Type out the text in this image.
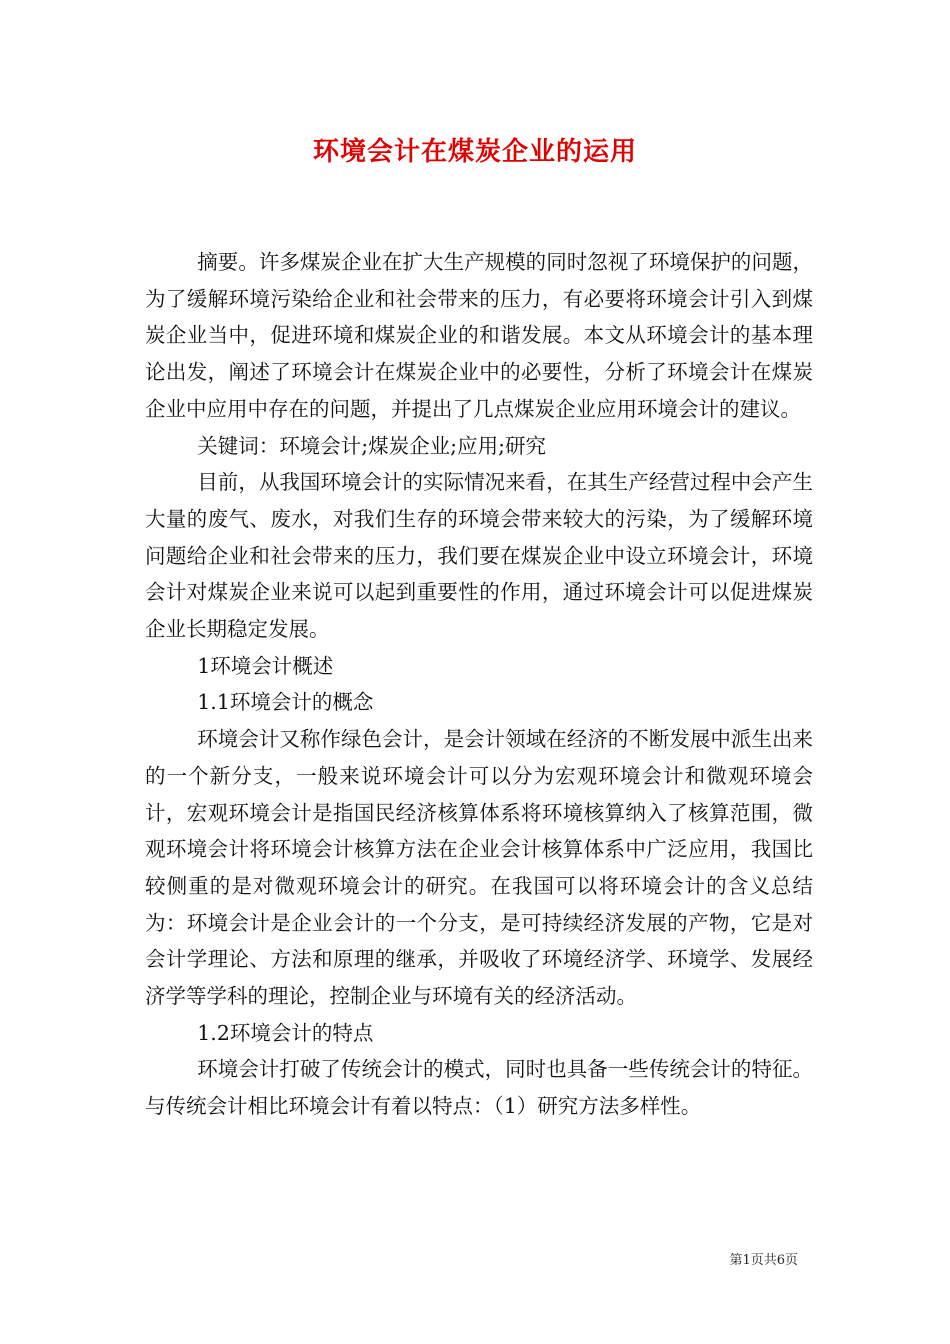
环境会计在煤炭企业的运用

摘要。许多煤炭企业在扩大生产规模的同时忽视了环境保护的问题，为了缓解环境污染给企业和社会带来的压力，有必要将环境会计引入到煤炭企业当中，促进环境和煤炭企业的和谐发展。本文从环境会计的基本理论出发，阐述了环境会计在煤炭企业中的必要性，分析了环境会计在煤炭企业中应用中存在的问题，并提出了几点煤炭企业应用环境会计的建议。

关键词：环境会计;煤炭企业;应用;研究

目前，从我国环境会计的实际情况来看，在其生产经营过程中会产生大量的废气、废水，对我们生存的环境会带来较大的污染，为了缓解环境问题给企业和社会带来的压力，我们要在煤炭企业中设立环境会计，环境会计对煤炭企业来说可以起到重要性的作用，通过环境会计可以促进煤炭企业长期稳定发展。

1环境会计概述

1.1环境会计的概念

环境会计又称作绿色会计，是会计领域在经济的不断发展中派生出来的一个新分支，一般来说环境会计可以分为宏观环境会计和微观环境会计，宏观环境会计是指国民经济核算体系将环境核算纳入了核算范围，微观环境会计将环境会计核算方法在企业会计核算体系中广泛应用，我国比较侧重的是对微观环境会计的研究。在我国可以将环境会计的含义总结为：环境会计是企业会计的一个分支，是可持续经济发展的产物，它是对会计学理论、方法和原理的继承，并吸收了环境经济学、环境学、发展经济学等学科的理论，控制企业与环境有关的经济活动。

1.2环境会计的特点

环境会计打破了传统会计的模式，同时也具备一些传统会计的特征。与传统会计相比环境会计有着以特点：（1）研究方法多样性。

第1页共6页
